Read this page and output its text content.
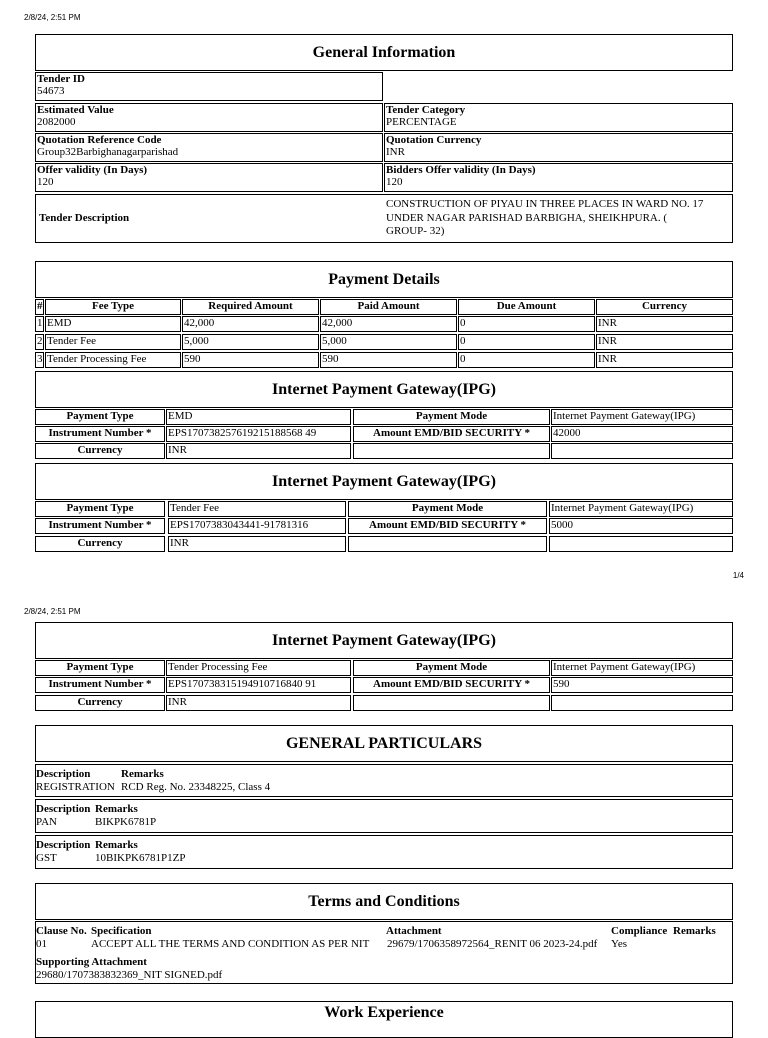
2/8/24, 2:51 PM
General Information
Tender ID
54673
Estimated Value
2082000
Tender Category
PERCENTAGE
Quotation Reference Code
Group32Barbighanagarparishad
Quotation Currency
INR
Offer validity (In Days)
120
Bidders Offer validity (In Days)
120
Tender Description
CONSTRUCTION OF PIYAU IN THREE PLACES IN WARD NO. 17
UNDER NAGAR PARISHAD BARBIGHA, SHEIKHPURA. (
GROUP- 32)
Payment Details
#	Fee Type	Required Amount	Paid Amount	Due Amount	Currency
1 EMD	42,000	42,000	0	INR
2 Tender Fee	5,000	5,000	0	INR
3 Tender Processing Fee	590	590	0	INR
Internet Payment Gateway(IPG)
Payment Type	EMD	Payment Mode	Internet Payment Gateway(IPG)
Instrument Number *	EPS170738257619215188568 49	Amount EMD/BID SECURITY *	42000
Currency	INR
Internet Payment Gateway(IPG)
Payment Type	Tender Fee	Payment Mode	Internet Payment Gateway(IPG)
Instrument Number *	EPS1707383043441-91781316	Amount EMD/BID SECURITY *	5000
Currency	INR
1/4
2/8/24, 2:51 PM
Internet Payment Gateway(IPG)
Payment Type	Tender Processing Fee	Payment Mode	Internet Payment Gateway(IPG)
Instrument Number *	EPS170738315194910716840 91	Amount EMD/BID SECURITY *	590
Currency	INR
GENERAL PARTICULARS
Description	Remarks
REGISTRATION RCD Reg. No. 23348225, Class 4
Description Remarks
PAN	BIKPK6781P
Description Remarks
GST	10BIKPK6781P1ZP
Terms and Conditions
Clause No. Specification	Attachment	Compliance Remarks
01	ACCEPT ALL THE TERMS AND CONDITION AS PER NIT 29679/1706358972564_RENIT 06 2023-24.pdf Yes
Supporting Attachment
29680/1707383832369_NIT SIGNED.pdf
Work Experience
